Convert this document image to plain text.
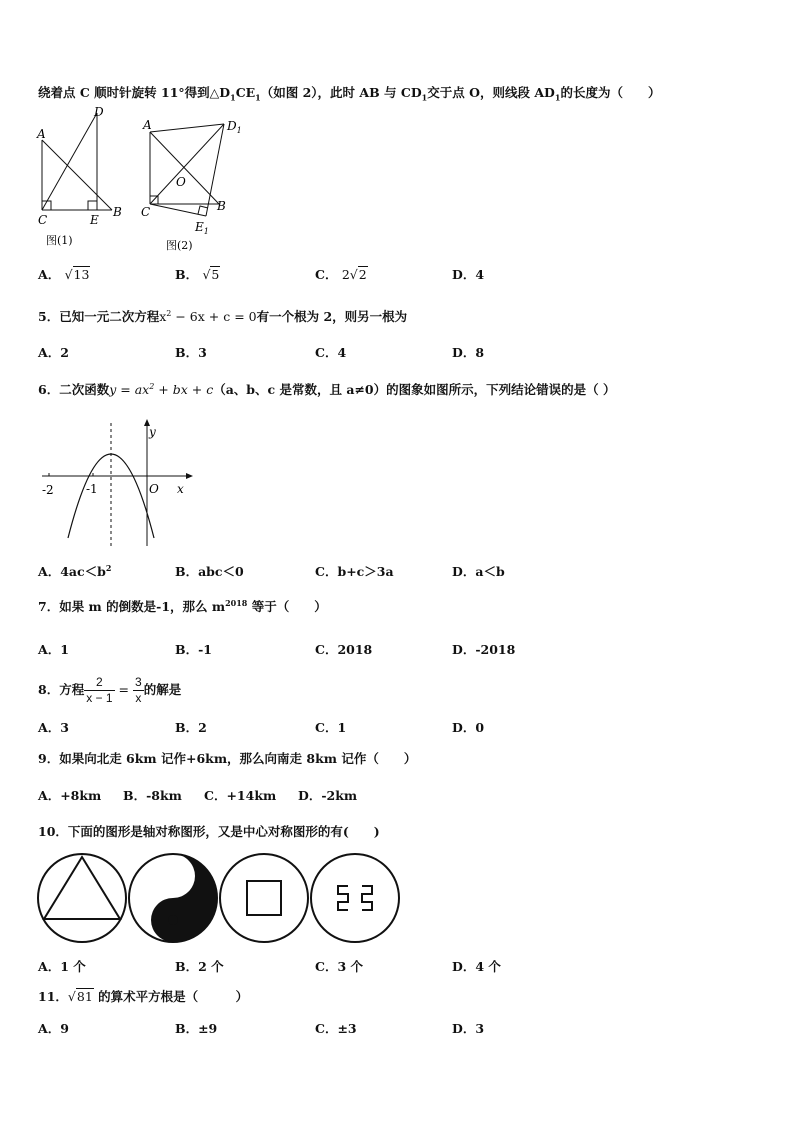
绕着点 C 顺时针旋转 11°得到$\triangle D_1CE_1$（如图 2），此时 AB 与 $CD_1$交于点 O，则线段 $AD_1$的长度为（　　）
A
D
C	E
B
图(1)
A	$D_1$
O
C	B
$E_1$
图(2)
A． √13	B． √5	C． 2√2	D．4
5．已知一元二次方程$x^2 - 6x + c = 0$有一个根为 2，则另一根为
A．2	B．3	C．4	D．8
6．二次函数$y = ax^2$ + bx + c（a、b、c 是常数，且 a≠0）的图象如图所示，下列结论错误的是（ ）
y
x
O
-2	-1
A．$4ac<b^2$	B．abc＜0	C．b+c＞3a	D．a＜b
7．如果 m 的倒数是-1，那么 $m^{2018}$ 等于（　　）
A．1	B．-1	C．2018	D．-2018
8．方程 $\frac{2}{x - 1} = \frac{3}{x}$ 的解是
A．3	B．2	C．1	D．0
9．如果向北走 6km 记作+6km，那么向南走 8km 记作（　　）
A．+8km B．-8km C．+14km D．-2km
10．下面的图形是轴对称图形，又是中心对称图形的有(　　)
A．1 个	B．2 个	C．3 个	D．4 个
11．√81 的算术平方根是（　　　）
A．9	B．±9	C．±3	D．3
